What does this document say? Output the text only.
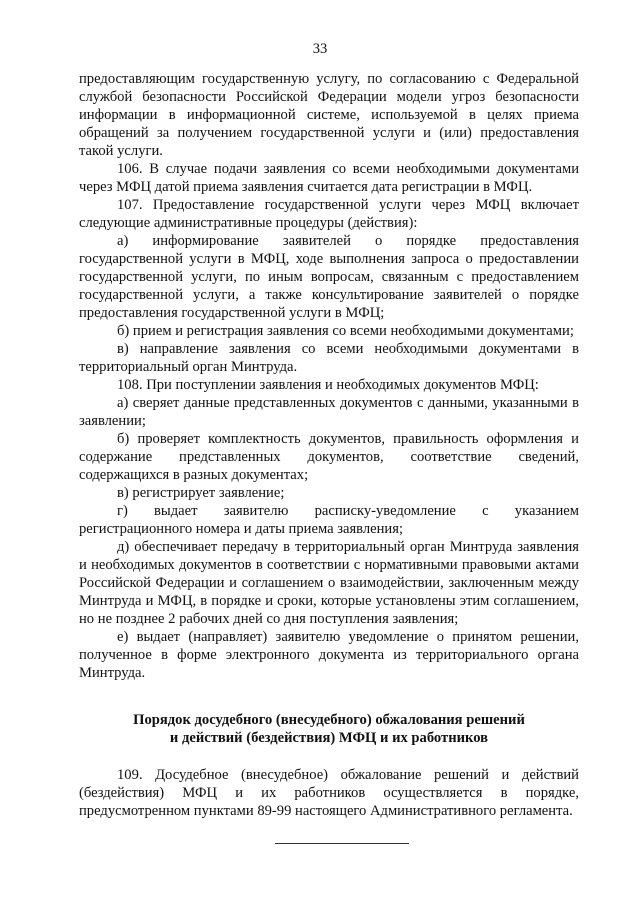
33

предоставляющим государственную услугу, по согласованию с Федеральной службой безопасности Российской Федерации модели угроз безопасности информации в информационной системе, используемой в целях приема обращений за получением государственной услуги и (или) предоставления такой услуги.

106. В случае подачи заявления со всеми необходимыми документами через МФЦ датой приема заявления считается дата регистрации в МФЦ.

107. Предоставление государственной услуги через МФЦ включает следующие административные процедуры (действия):

а) информирование заявителей о порядке предоставления государственной услуги в МФЦ, ходе выполнения запроса о предоставлении государственной услуги, по иным вопросам, связанным с предоставлением государственной услуги, а также консультирование заявителей о порядке предоставления государственной услуги в МФЦ;

б) прием и регистрация заявления со всеми необходимыми документами;

в) направление заявления со всеми необходимыми документами в территориальный орган Минтруда.

108. При поступлении заявления и необходимых документов МФЦ:

а) сверяет данные представленных документов с данными, указанными в заявлении;

б) проверяет комплектность документов, правильность оформления и содержание представленных документов, соответствие сведений, содержащихся в разных документах;

в) регистрирует заявление;

г) выдает заявителю расписку-уведомление с указанием регистрационного номера и даты приема заявления;

д) обеспечивает передачу в территориальный орган Минтруда заявления и необходимых документов в соответствии с нормативными правовыми актами Российской Федерации и соглашением о взаимодействии, заключенным между Минтруда и МФЦ, в порядке и сроки, которые установлены этим соглашением, но не позднее 2 рабочих дней со дня поступления заявления;

е) выдает (направляет) заявителю уведомление о принятом решении, полученное в форме электронного документа из территориального органа Минтруда.

Порядок досудебного (внесудебного) обжалования решений
и действий (бездействия) МФЦ и их работников

109. Досудебное (внесудебное) обжалование решений и действий (бездействия) МФЦ и их работников осуществляется в порядке, предусмотренном пунктами 89-99 настоящего Административного регламента.
